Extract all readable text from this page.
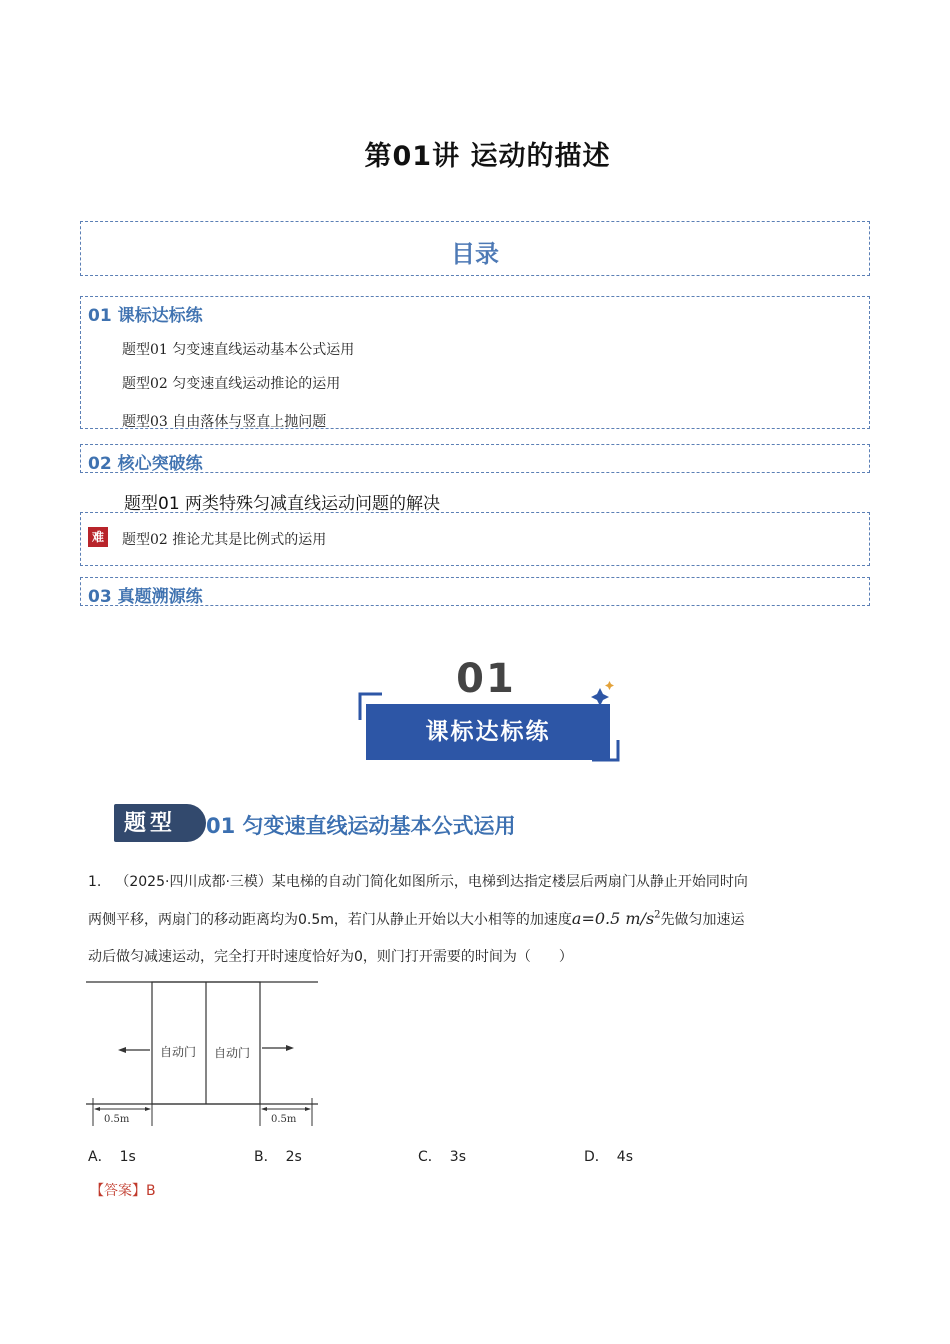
第01讲 运动的描述
目录
01 课标达标练
题型01 匀变速直线运动基本公式运用
题型02 匀变速直线运动推论的运用
题型03 自由落体与竖直上抛问题
02 核心突破练
题型01 两类特殊匀减直线运动问题的解决
难 题型02 推论尤其是比例式的运用
03 真题溯源练
01
课标达标练
题型	01 匀变速直线运动基本公式运用
1. （2025·四川成都·三模）某电梯的自动门简化如图所示，电梯到达指定楼层后两扇门从静止开始同时向
两侧平移，两扇门的移动距离均为0.5m，若门从静止开始以大小相等的加速度a=0.5 $m/s^2$先做匀加速运
动后做匀减速运动，完全打开时速度恰好为0，则门打开需要的时间为（　　）
自动门 自动门
0.5m	0.5m
A． 1s	B． 2s	C． 3s	D． 4s
【答案】B
